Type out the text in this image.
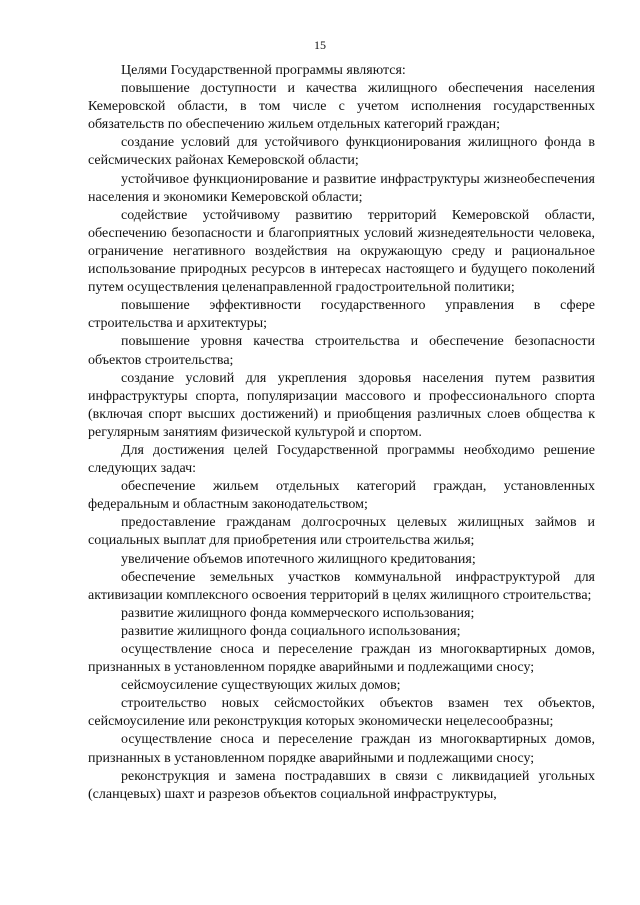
15

Целями Государственной программы являются:

повышение доступности и качества жилищного обеспечения населения Кемеровской области, в том числе с учетом исполнения государственных обязательств по обеспечению жильем отдельных категорий граждан;

создание условий для устойчивого функционирования жилищного фонда в сейсмических районах Кемеровской области;

устойчивое функционирование и развитие инфраструктуры жизнеобеспечения населения и экономики Кемеровской области;

содействие устойчивому развитию территорий Кемеровской области, обеспечению безопасности и благоприятных условий жизнедеятельности человека, ограничение негативного воздействия на окружающую среду и рациональное использование природных ресурсов в интересах настоящего и будущего поколений путем осуществления целенаправленной градостроительной политики;

повышение эффективности государственного управления в сфере строительства и архитектуры;

повышение уровня качества строительства и обеспечение безопасности объектов строительства;

создание условий для укрепления здоровья населения путем развития инфраструктуры спорта, популяризации массового и профессионального спорта (включая спорт высших достижений) и приобщения различных слоев общества к регулярным занятиям физической культурой и спортом.

Для достижения целей Государственной программы необходимо решение следующих задач:

обеспечение жильем отдельных категорий граждан, установленных федеральным и областным законодательством;

предоставление гражданам долгосрочных целевых жилищных займов и социальных выплат для приобретения или строительства жилья;

увеличение объемов ипотечного жилищного кредитования;

обеспечение земельных участков коммунальной инфраструктурой для активизации комплексного освоения территорий в целях жилищного строительства;

развитие жилищного фонда коммерческого использования;

развитие жилищного фонда социального использования;

осуществление сноса и переселение граждан из многоквартирных домов, признанных в установленном порядке аварийными и подлежащими сносу;

сейсмоусиление существующих жилых домов;

строительство новых сейсмостойких объектов взамен тех объектов, сейсмоусиление или реконструкция которых экономически нецелесообразны;

осуществление сноса и переселение граждан из многоквартирных домов, признанных в установленном порядке аварийными и подлежащими сносу;

реконструкция и замена пострадавших в связи с ликвидацией угольных (сланцевых) шахт и разрезов объектов социальной инфраструктуры,
